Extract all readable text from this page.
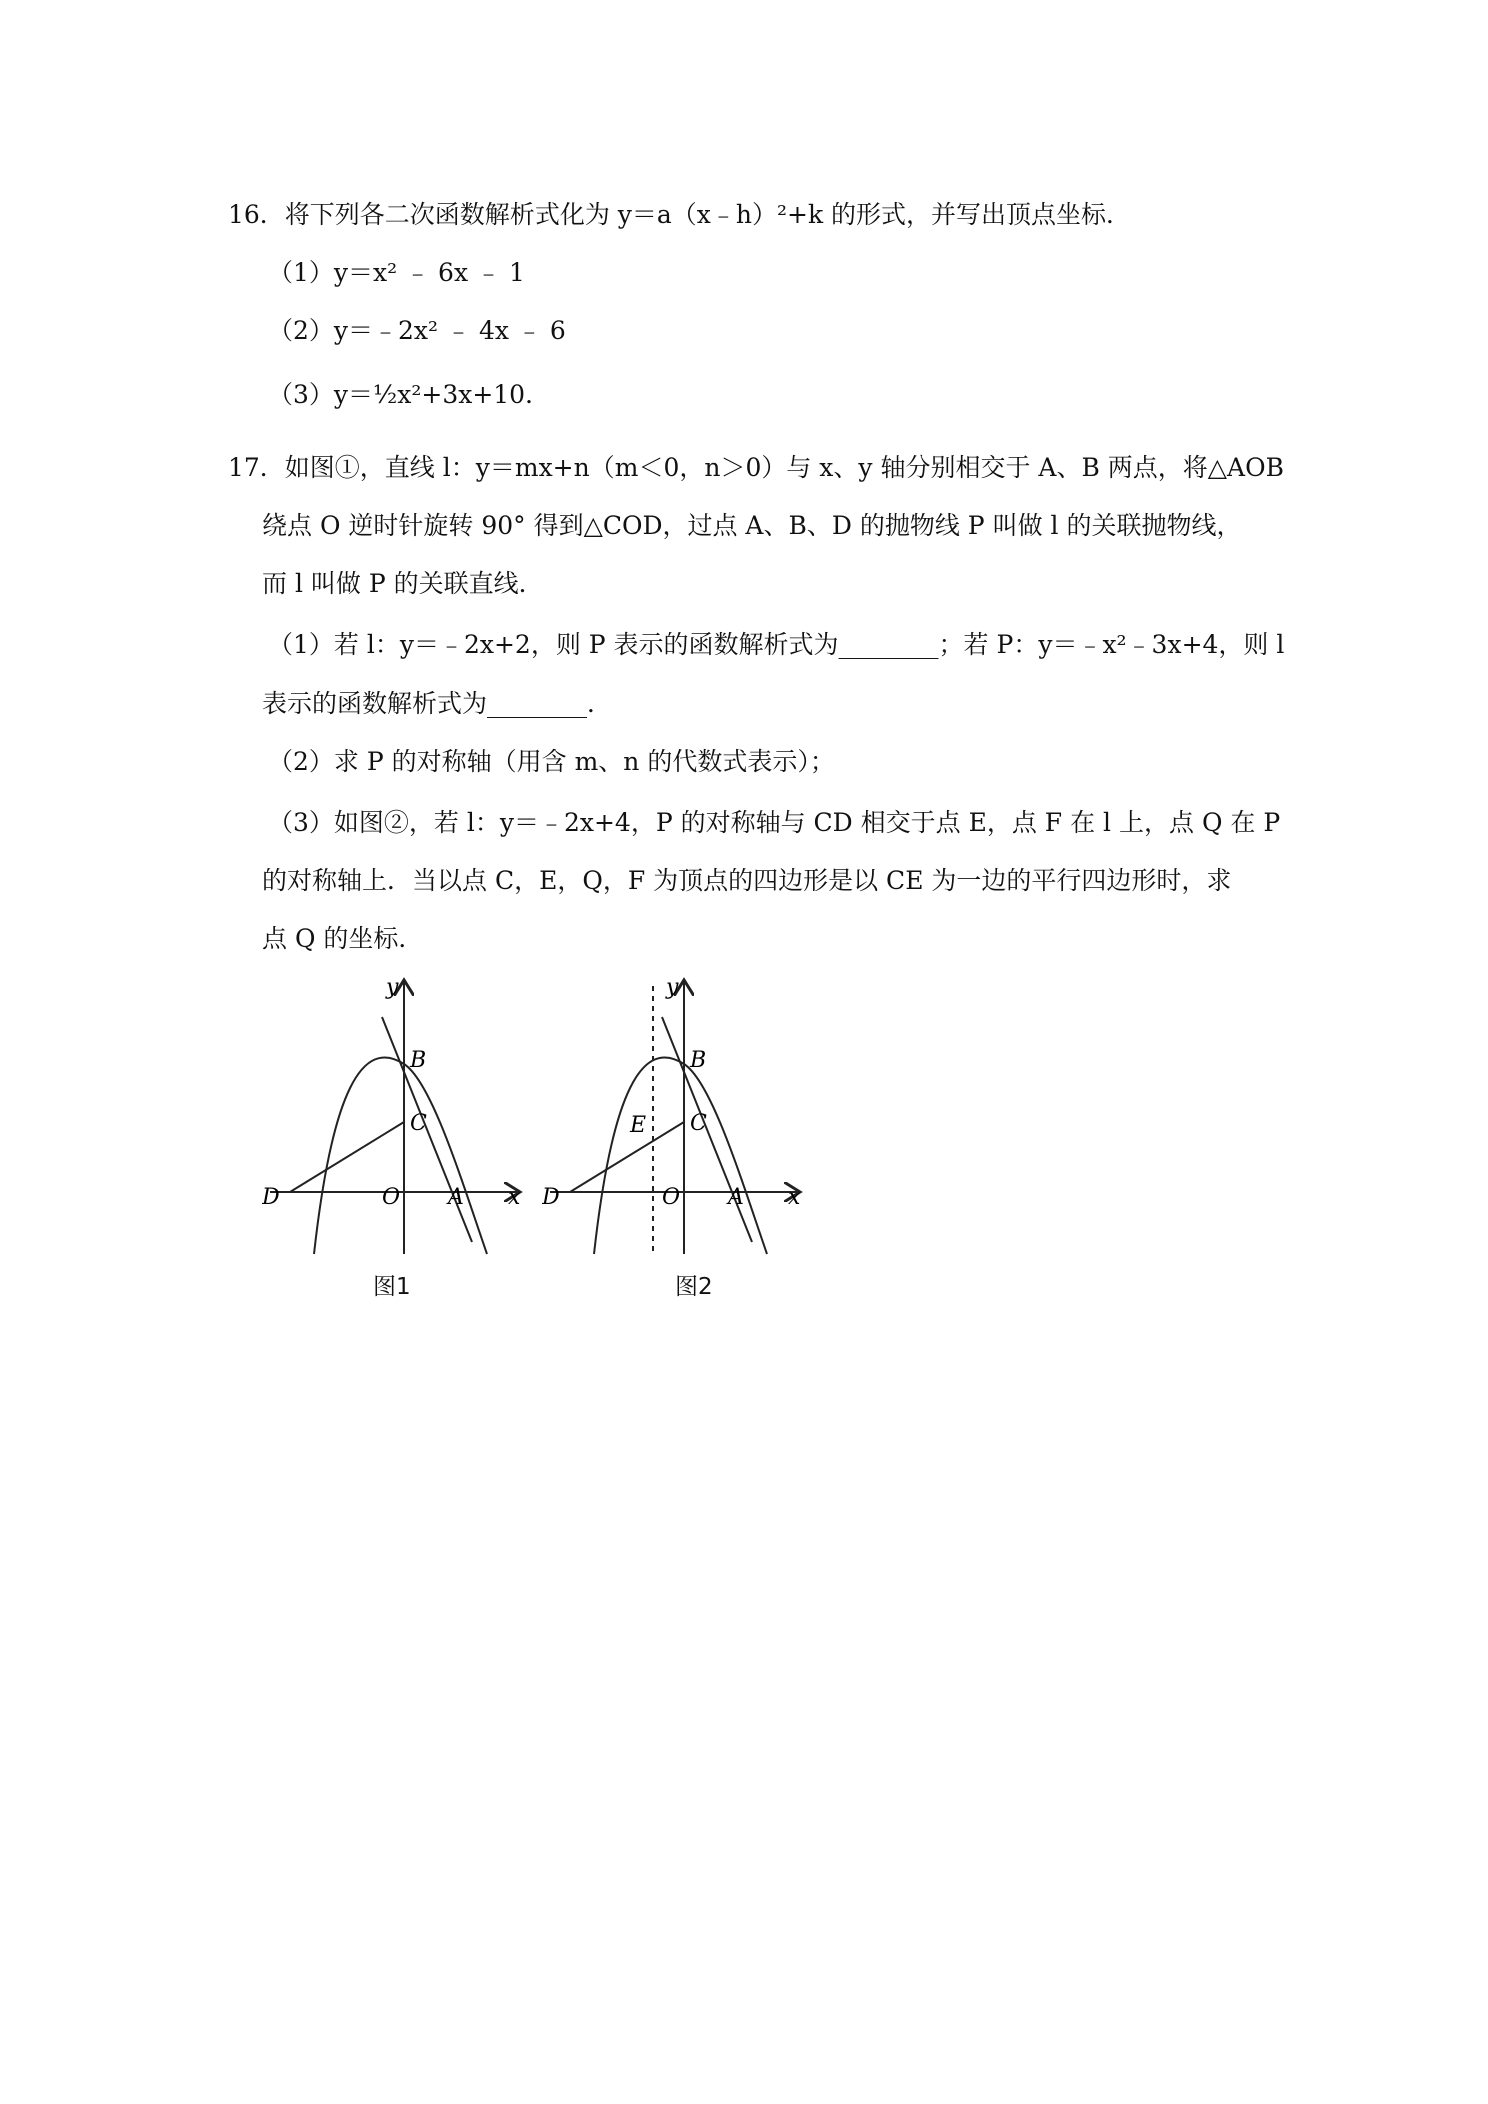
16．将下列各二次函数解析式化为 y＝a（x﹣h）²+k 的形式，并写出顶点坐标．
（1）y＝x² ﹣ 6x ﹣ 1
（2）y＝﹣2x² ﹣ 4x ﹣ 6
（3）y＝½x²+3x+10．
17．如图①，直线 l：y＝mx+n（m＜0，n＞0）与 x、y 轴分别相交于 A、B 两点，将△AOB
绕点 O 逆时针旋转 90° 得到△COD，过点 A、B、D 的抛物线 P 叫做 l 的关联抛物线，
而 l 叫做 P 的关联直线．
（1）若 l：y＝﹣2x+2，则 P 表示的函数解析式为________；若 P：y＝﹣x²﹣3x+4，则 l
表示的函数解析式为________．
（2）求 P 的对称轴（用含 m、n 的代数式表示）；
（3）如图②，若 l：y＝﹣2x+4，P 的对称轴与 CD 相交于点 E，点 F 在 l 上，点 Q 在 P
的对称轴上．当以点 C，E，Q，F 为顶点的四边形是以 CE 为一边的平行四边形时，求
点 Q 的坐标．
y
B
C
D	O A x
图1
y
B
C
E
D	O A x
图2
